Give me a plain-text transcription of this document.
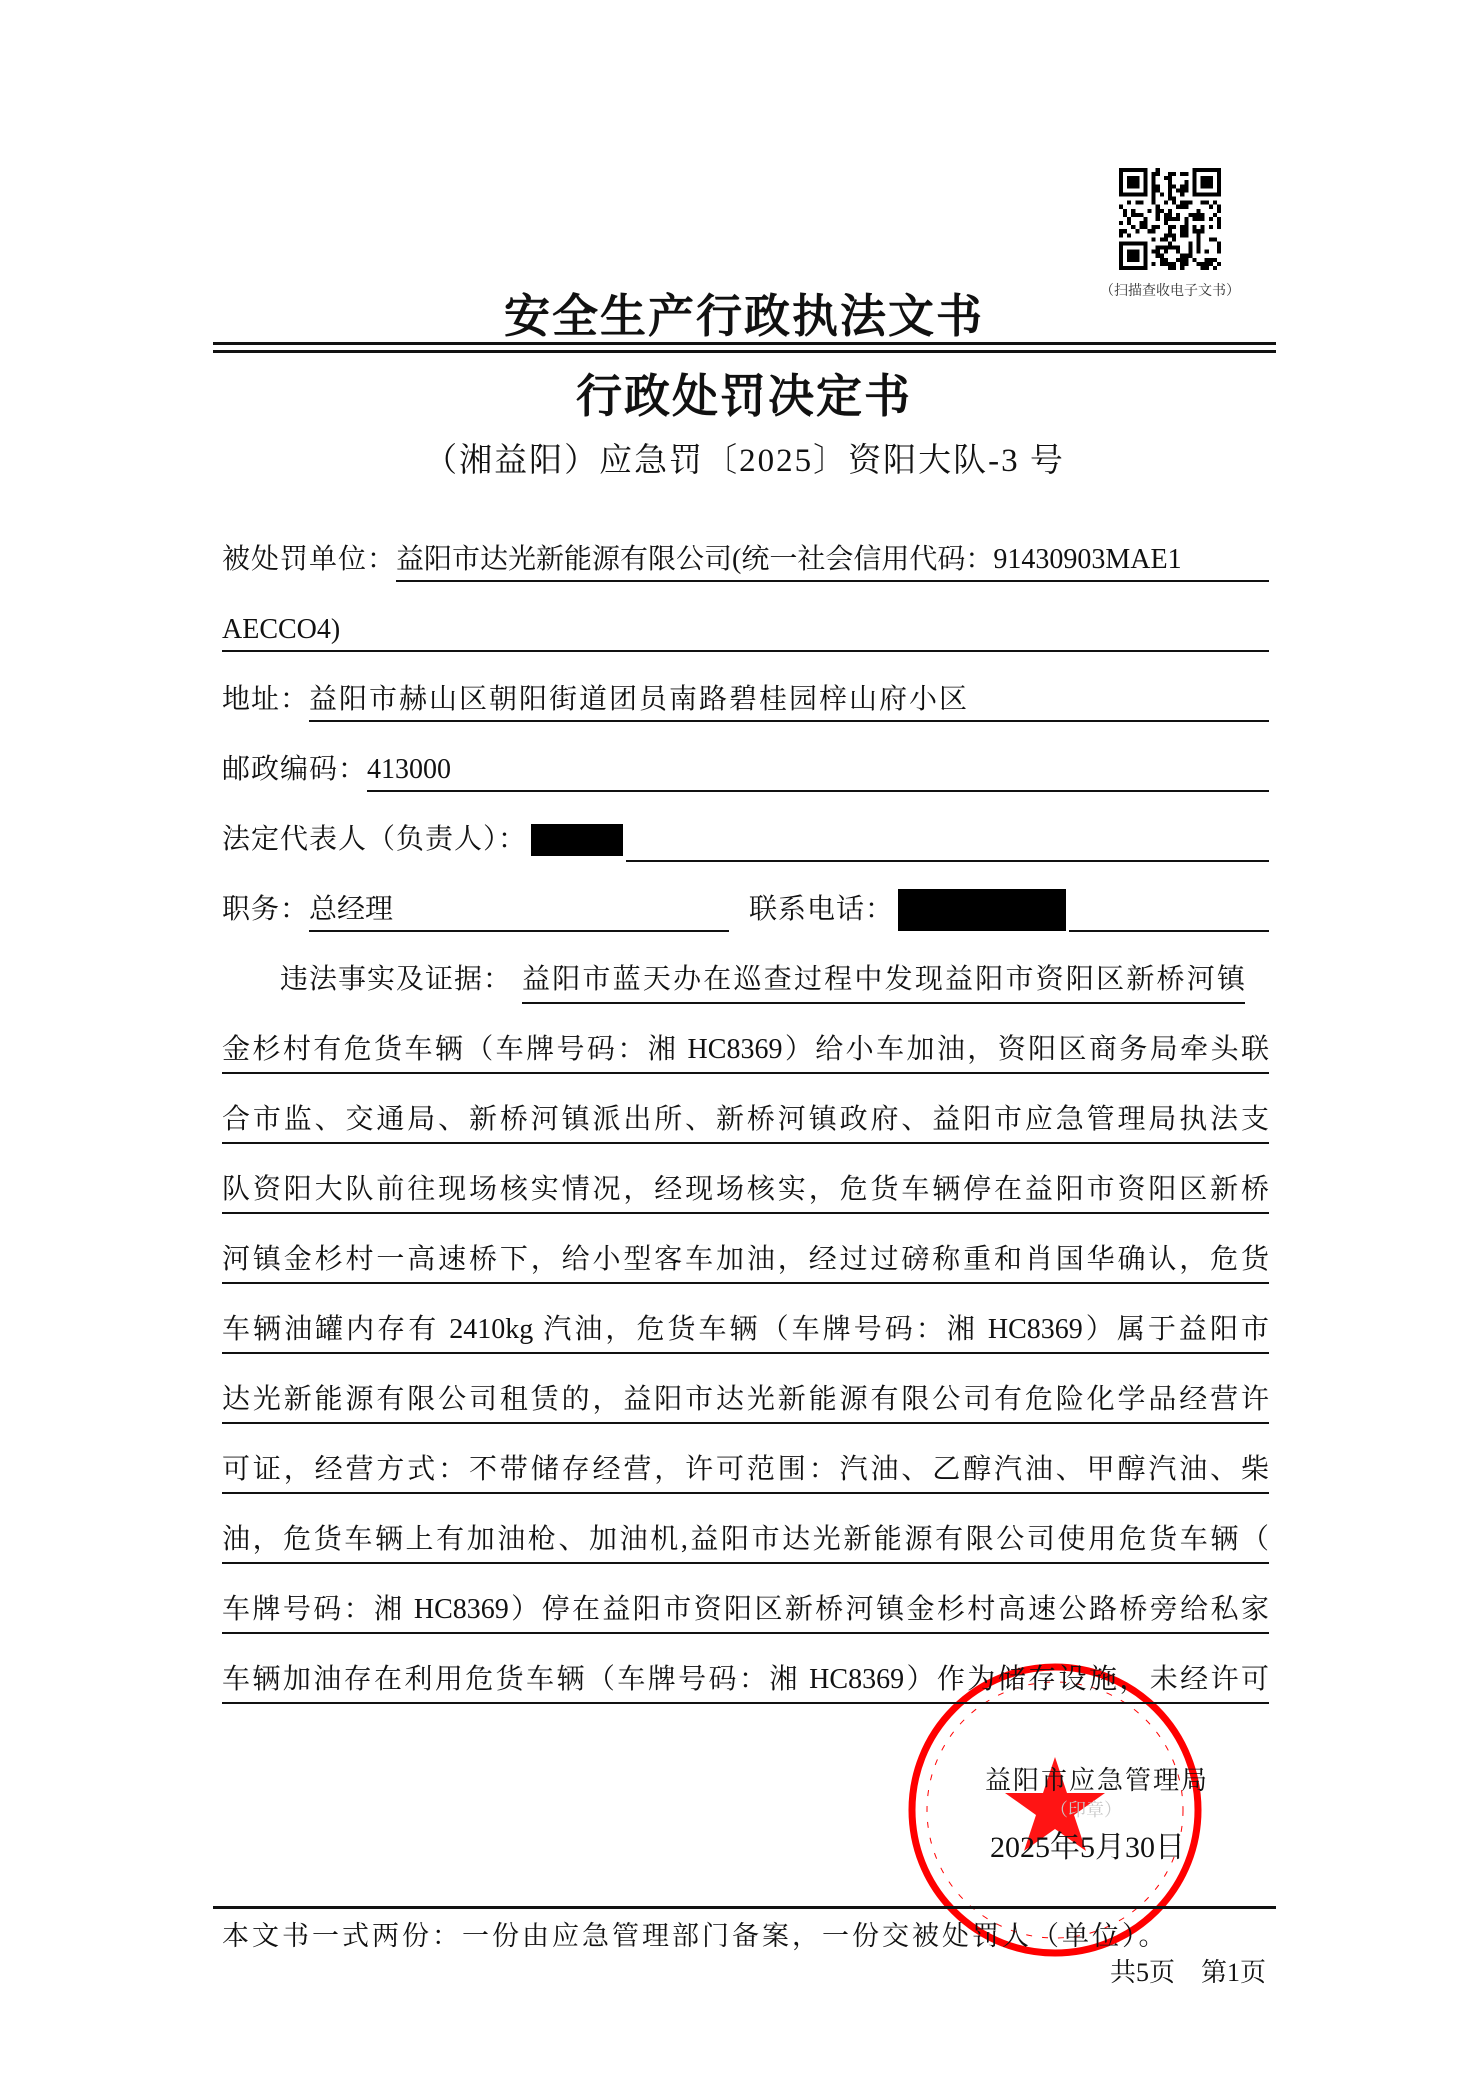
（扫描查收电子文书）
安全生产行政执法文书
行政处罚决定书
（湘益阳）应急罚〔2025〕资阳大队-3 号
被处罚单位： 益阳市达光新能源有限公司(统一社会信用代码：91430903MAE1
AECCO4)
地址： 益阳市赫山区朝阳街道团员南路碧桂园梓山府小区
邮政编码： 413000
法定代表人（负责人）：
职务： 总经理	联系电话：
违法事实及证据： 益阳市蓝天办在巡查过程中发现益阳市资阳区新桥河镇
金杉村有危货车辆（车牌号码：湘 HC8369）给小车加油，资阳区商务局牵头联
合市监、交通局、新桥河镇派出所、新桥河镇政府、益阳市应急管理局执法支
队资阳大队前往现场核实情况，经现场核实，危货车辆停在益阳市资阳区新桥
河镇金杉村一高速桥下，给小型客车加油，经过过磅称重和肖国华确认，危货
车辆油罐内存有 2410kg 汽油，危货车辆（车牌号码：湘 HC8369）属于益阳市
达光新能源有限公司租赁的，益阳市达光新能源有限公司有危险化学品经营许
可证，经营方式：不带储存经营，许可范围：汽油、乙醇汽油、甲醇汽油、柴
油，危货车辆上有加油枪、加油机,益阳市达光新能源有限公司使用危货车辆（
车牌号码：湘 HC8369）停在益阳市资阳区新桥河镇金杉村高速公路桥旁给私家
车辆加油存在利用危货车辆（车牌号码：湘 HC8369）作为储存设施，未经许可
益阳市应急管理局
（印章）
2025年5月30日
本文书一式两份：一份由应急管理部门备案，一份交被处罚人（单位）。
共5页　第1页
